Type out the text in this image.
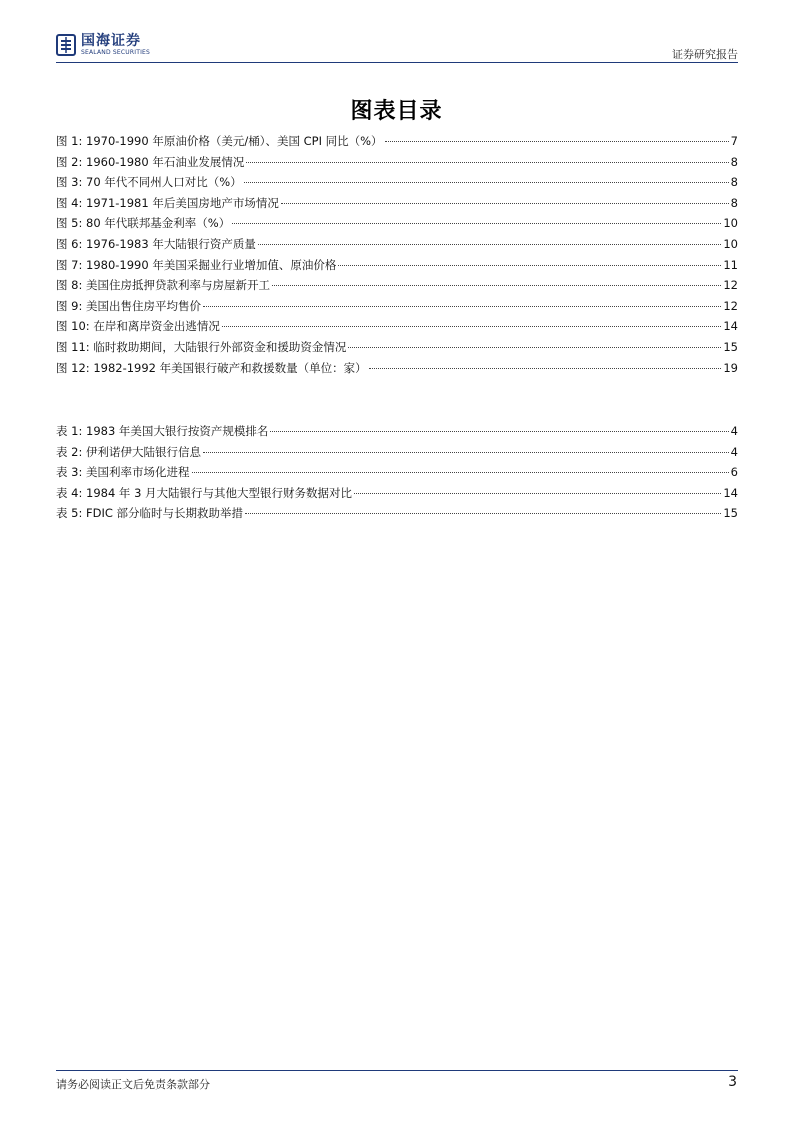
国海证券
SEALAND SECURITIES	证券研究报告
图表目录
图 1: 1970-1990 年原油价格（美元/桶）、美国 CPI 同比（%）	7
图 2: 1960-1980 年石油业发展情况	8
图 3: 70 年代不同州人口对比（%）	8
图 4: 1971-1981 年后美国房地产市场情况	8
图 5: 80 年代联邦基金利率（%）	10
图 6: 1976-1983 年大陆银行资产质量	10
图 7: 1980-1990 年美国采掘业行业增加值、原油价格	11
图 8: 美国住房抵押贷款利率与房屋新开工	12
图 9: 美国出售住房平均售价	12
图 10: 在岸和离岸资金出逃情况	14
图 11: 临时救助期间，大陆银行外部资金和援助资金情况	15
图 12: 1982-1992 年美国银行破产和救援数量（单位：家）	19
表 1: 1983 年美国大银行按资产规模排名	4
表 2: 伊利诺伊大陆银行信息	4
表 3: 美国利率市场化进程	6
表 4: 1984 年 3 月大陆银行与其他大型银行财务数据对比	14
表 5: FDIC 部分临时与长期救助举措	15
请务必阅读正文后免责条款部分	3
